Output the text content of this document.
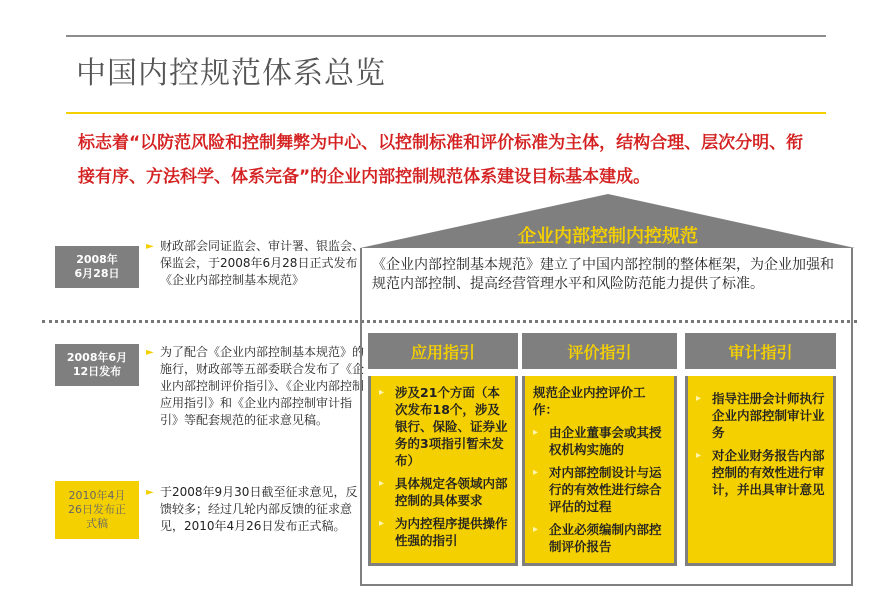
中国内控规范体系总览
标志着“以防范风险和控制舞弊为中心、以控制标准和评价标准为主体，结构合理、层次分明、衔接有序、方法科学、体系完备”的企业内部控制规范体系建设目标基本建成。
2008年
6月28日
► 财政部会同证监会、审计署、银监会、保监会，于2008年6月28日正式发布《企业内部控制基本规范》
2008年6月12日发布
► 为了配合《企业内部控制基本规范》的施行，财政部等五部委联合发布了《企业内部控制评价指引》、《企业内部控制应用指引》和《企业内部控制审计指引》等配套规范的征求意见稿。
2010年4月26日发布正式稿
► 于2008年9月30日截至征求意见，反馈较多；经过几轮内部反馈的征求意见，2010年4月26日发布正式稿。
企业内部控制内控规范
《企业内部控制基本规范》建立了中国内部控制的整体框架，为企业加强和规范内部控制、提高经营管理水平和风险防范能力提供了标准。
应用指引
▸ 涉及21个方面（本次发布18个，涉及银行、保险、证券业务的3项指引暂未发布）
▸ 具体规定各领域内部控制的具体要求
▸ 为内控程序提供操作性强的指引
评价指引
规范企业内控评价工作：
▸ 由企业董事会或其授权机构实施的
▸ 对内部控制设计与运行的有效性进行综合评估的过程
▸ 企业必须编制内部控制评价报告
审计指引
▸ 指导注册会计师执行企业内部控制审计业务
▸ 对企业财务报告内部控制的有效性进行审计，并出具审计意见
